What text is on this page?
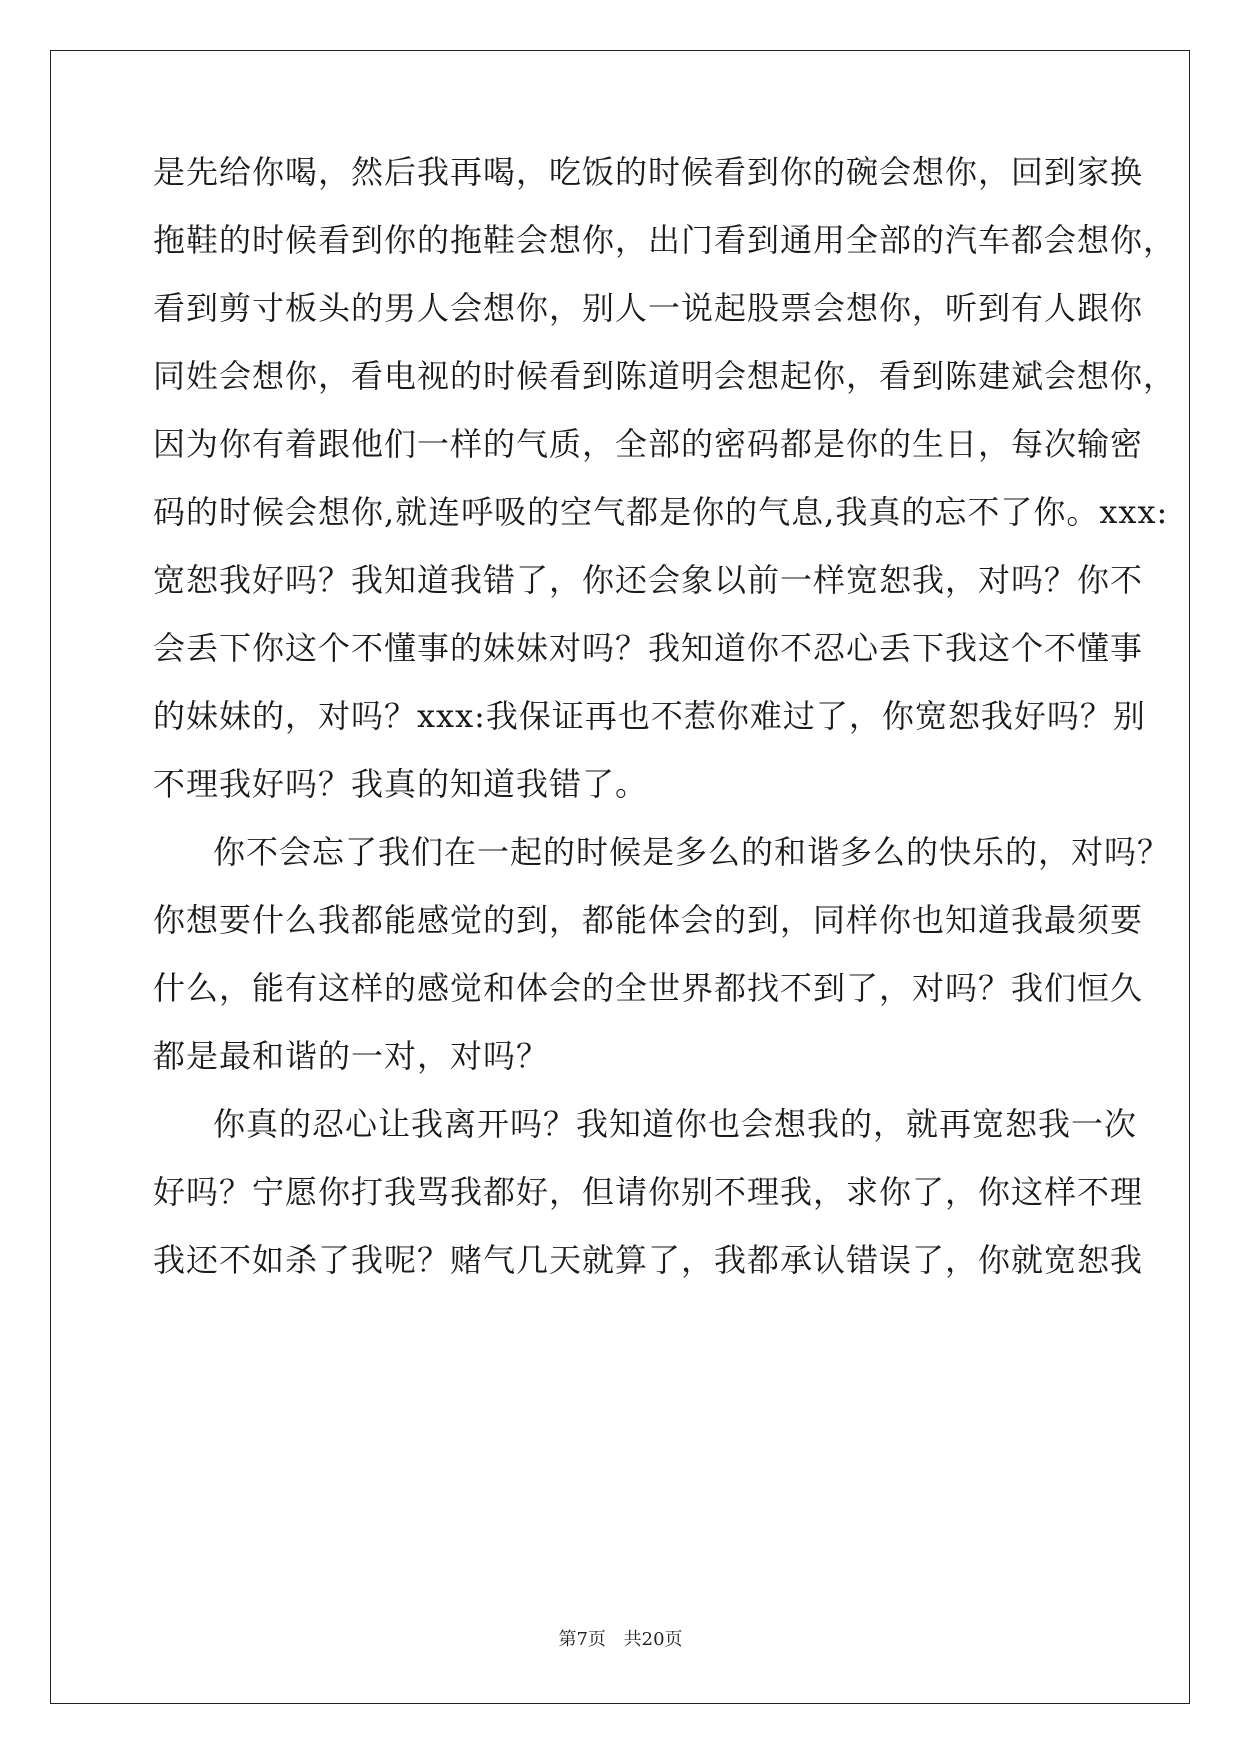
是先给你喝，然后我再喝，吃饭的时候看到你的碗会想你，回到家换
拖鞋的时候看到你的拖鞋会想你，出门看到通用全部的汽车都会想你，
看到剪寸板头的男人会想你，别人一说起股票会想你，听到有人跟你
同姓会想你，看电视的时候看到陈道明会想起你，看到陈建斌会想你，
因为你有着跟他们一样的气质，全部的密码都是你的生日，每次输密
码的时候会想你,就连呼吸的空气都是你的气息,我真的忘不了你。xxx:
宽恕我好吗？我知道我错了，你还会象以前一样宽恕我，对吗？你不
会丢下你这个不懂事的妹妹对吗？我知道你不忍心丢下我这个不懂事
的妹妹的，对吗？xxx:我保证再也不惹你难过了，你宽恕我好吗？别
不理我好吗？我真的知道我错了。
你不会忘了我们在一起的时候是多么的和谐多么的快乐的，对吗？
你想要什么我都能感觉的到，都能体会的到，同样你也知道我最须要
什么，能有这样的感觉和体会的全世界都找不到了，对吗？我们恒久
都是最和谐的一对，对吗？
你真的忍心让我离开吗？我知道你也会想我的，就再宽恕我一次
好吗？宁愿你打我骂我都好，但请你别不理我，求你了，你这样不理
我还不如杀了我呢？赌气几天就算了，我都承认错误了，你就宽恕我
第7页 共20页
